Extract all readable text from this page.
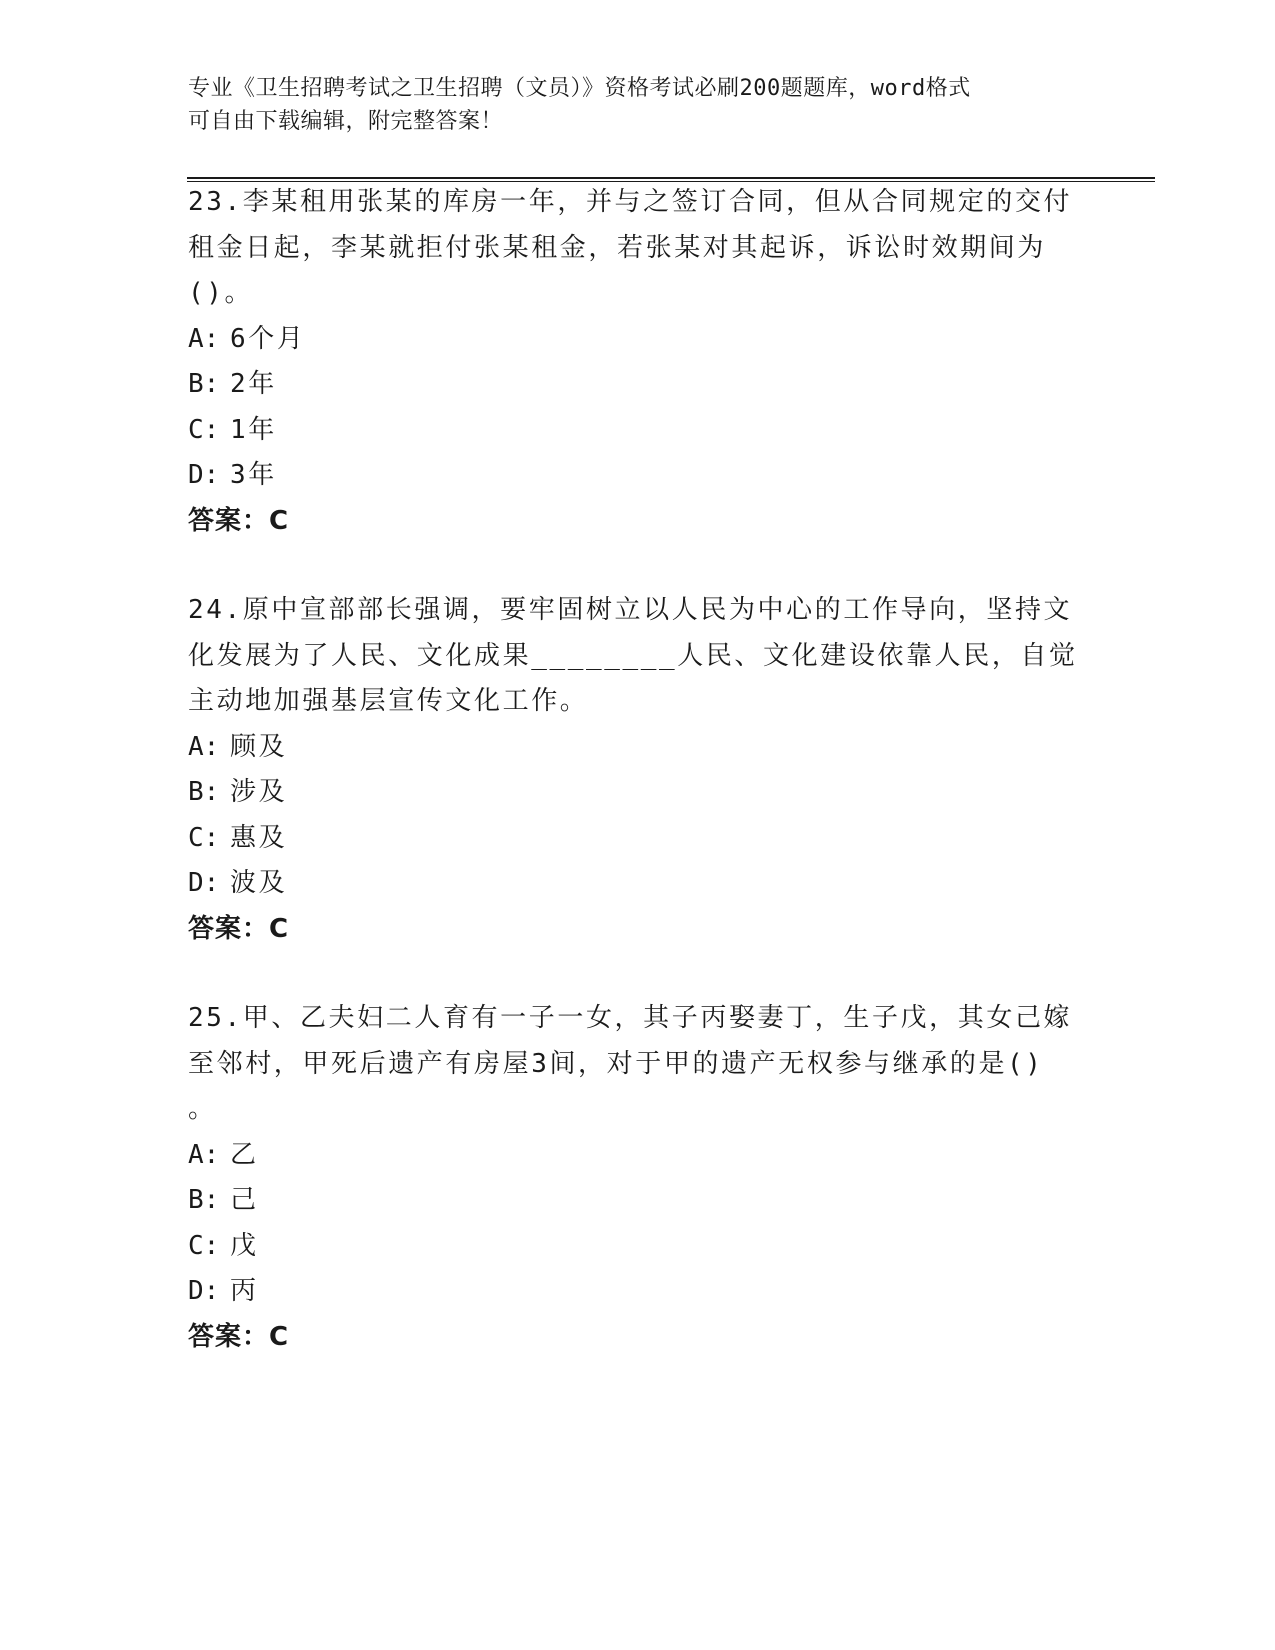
专业《卫生招聘考试之卫生招聘（文员）》资格考试必刷200题题库，word格式
可自由下载编辑，附完整答案！
23.李某租用张某的库房一年，并与之签订合同，但从合同规定的交付
租金日起，李某就拒付张某租金，若张某对其起诉，诉讼时效期间为
()。
A: 6个月
B: 2年
C: 1年
D: 3年
答案：C
24.原中宣部部长强调，要牢固树立以人民为中心的工作导向，坚持文
化发展为了人民、文化成果________人民、文化建设依靠人民，自觉
主动地加强基层宣传文化工作。
A: 顾及
B: 涉及
C: 惠及
D: 波及
答案：C
25.甲、乙夫妇二人育有一子一女，其子丙娶妻丁，生子戊，其女己嫁
至邻村，甲死后遗产有房屋3间，对于甲的遗产无权参与继承的是()
。
A: 乙
B: 己
C: 戊
D: 丙
答案：C
